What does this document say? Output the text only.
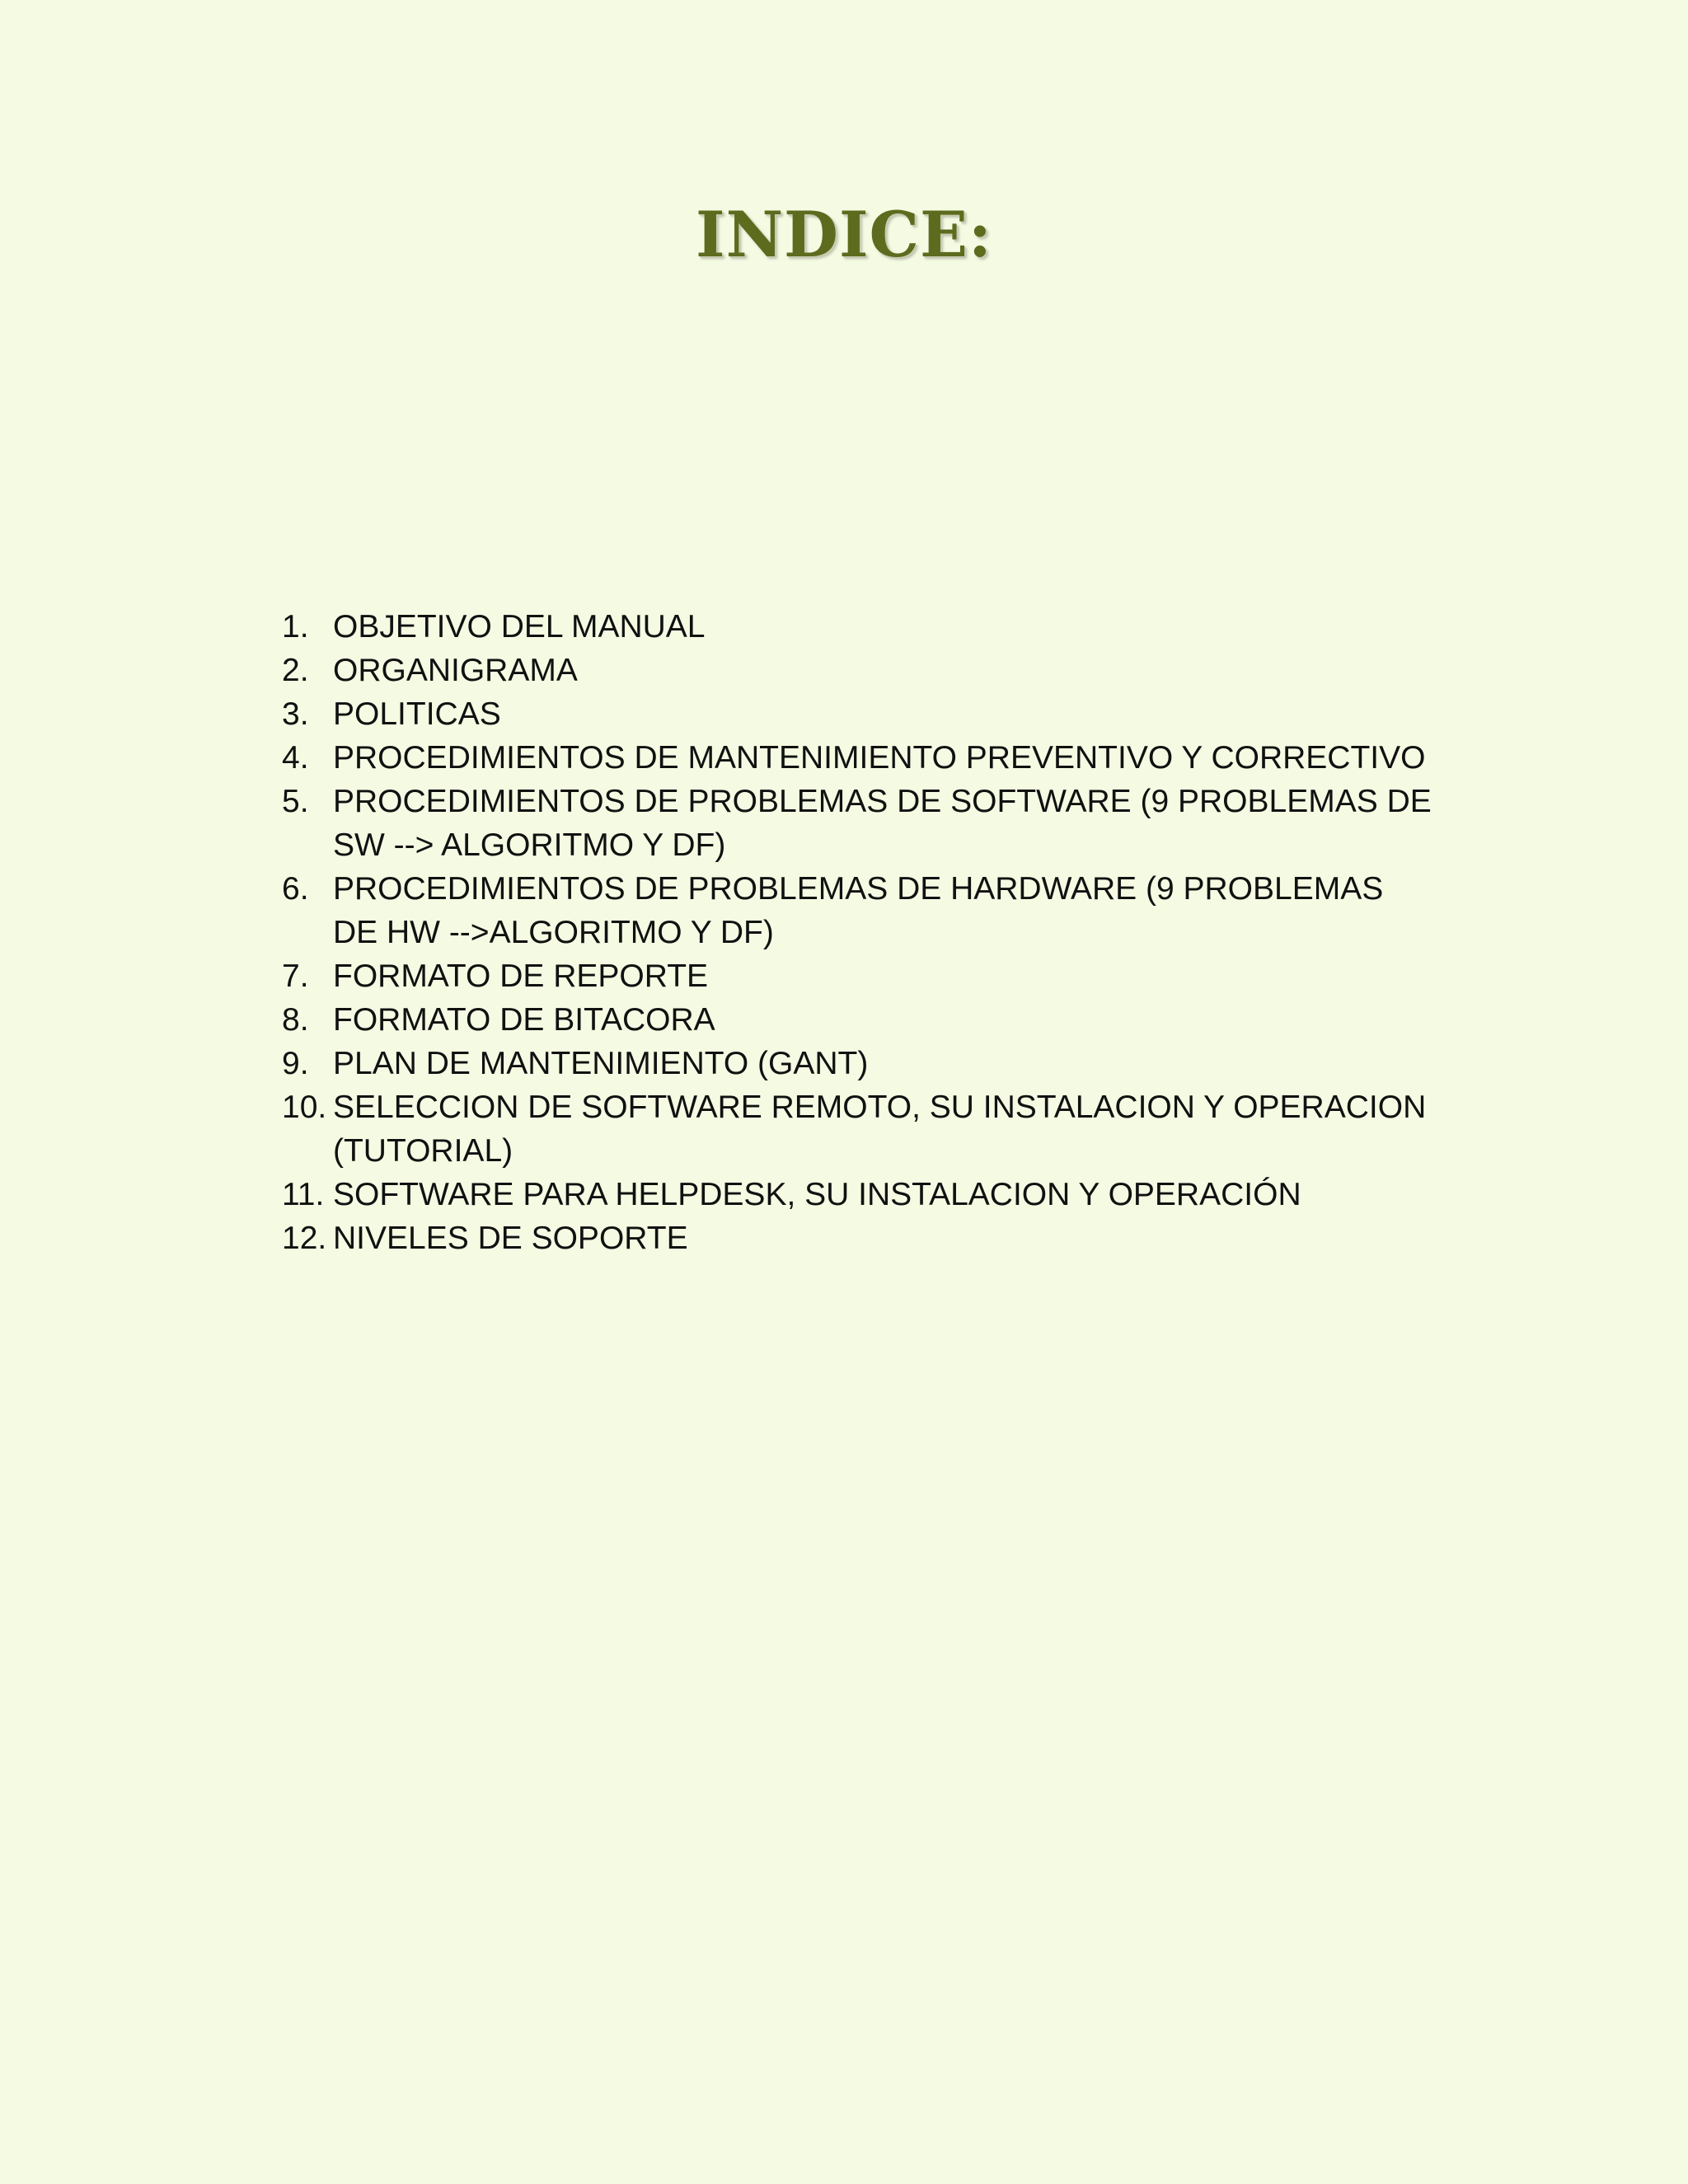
INDICE:
1. OBJETIVO DEL MANUAL
2. ORGANIGRAMA
3. POLITICAS
4. PROCEDIMIENTOS DE MANTENIMIENTO PREVENTIVO Y CORRECTIVO
5. PROCEDIMIENTOS DE PROBLEMAS DE SOFTWARE (9 PROBLEMAS DE SW --> ALGORITMO Y DF)
6. PROCEDIMIENTOS DE PROBLEMAS DE HARDWARE (9 PROBLEMAS DE HW -->ALGORITMO Y DF)
7. FORMATO DE REPORTE
8. FORMATO DE BITACORA
9. PLAN DE MANTENIMIENTO (GANT)
10. SELECCION DE SOFTWARE REMOTO, SU INSTALACION Y OPERACION (TUTORIAL)
11. SOFTWARE PARA HELPDESK, SU INSTALACION Y OPERACIÓN
12. NIVELES DE SOPORTE
